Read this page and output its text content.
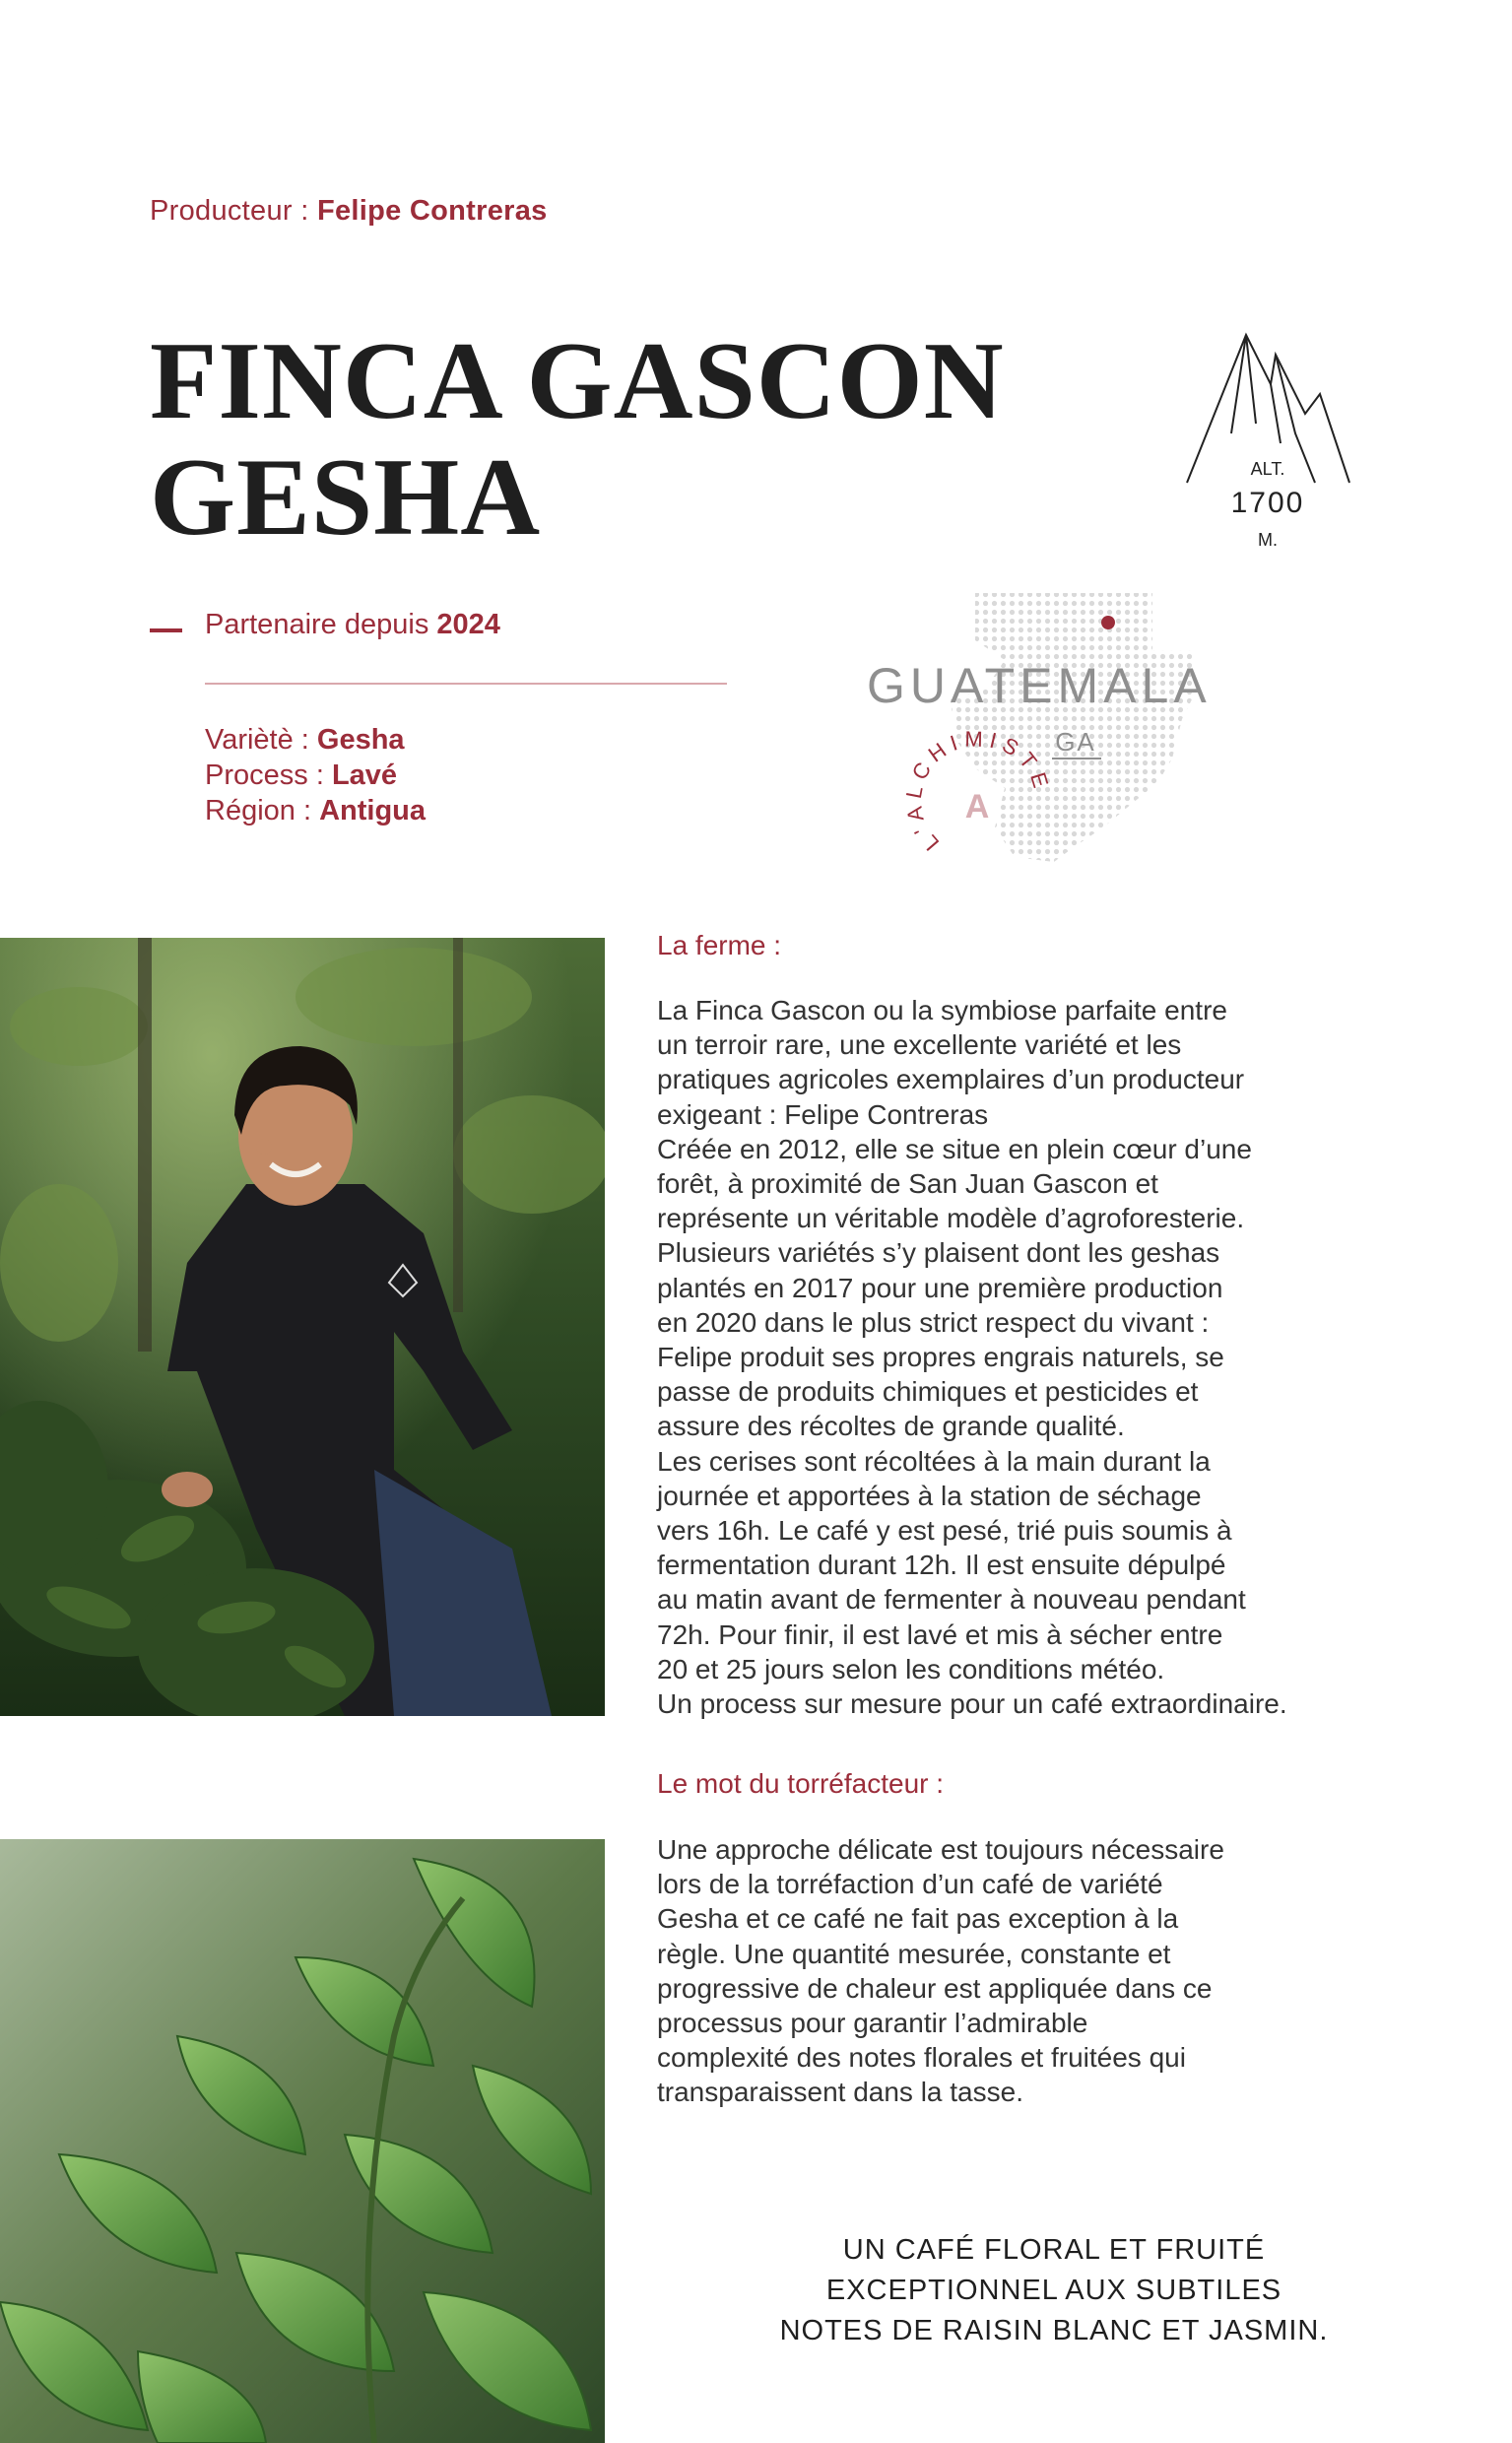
Producteur : Felipe Contreras
FINCA GASCON
GESHA	ALT.
1700
M.
Partenaire depuis 2024
Variètè : Gesha
Process : Lavé
Région : Antigua
GUATEMALA
GA
L'ALCHIMISTE
A
La ferme :
La Finca Gascon ou la symbiose parfaite entre
un terroir rare, une excellente variété et les
pratiques agricoles exemplaires d’un producteur
exigeant : Felipe Contreras
Créée en 2012, elle se situe en plein cœur d’une
forêt, à proximité de San Juan Gascon et
représente un véritable modèle d’agroforesterie.
Plusieurs variétés s’y plaisent dont les geshas
plantés en 2017 pour une première production
en 2020 dans le plus strict respect du vivant :
Felipe produit ses propres engrais naturels, se
passe de produits chimiques et pesticides et
assure des récoltes de grande qualité.
Les cerises sont récoltées à la main durant la
journée et apportées à la station de séchage
vers 16h. Le café y est pesé, trié puis soumis à
fermentation durant 12h. Il est ensuite dépulpé
au matin avant de fermenter à nouveau pendant
72h. Pour finir, il est lavé et mis à sécher entre
20 et 25 jours selon les conditions météo.
Un process sur mesure pour un café extraordinaire.
Le mot du torréfacteur :
Une approche délicate est toujours nécessaire
lors de la torréfaction d’un café de variété
Gesha et ce café ne fait pas exception à la
règle. Une quantité mesurée, constante et
progressive de chaleur est appliquée dans ce
processus pour garantir l’admirable
complexité des notes florales et fruitées qui
transparaissent dans la tasse.
UN CAFÉ FLORAL ET FRUITÉ
EXCEPTIONNEL AUX SUBTILES
NOTES DE RAISIN BLANC ET JASMIN.
